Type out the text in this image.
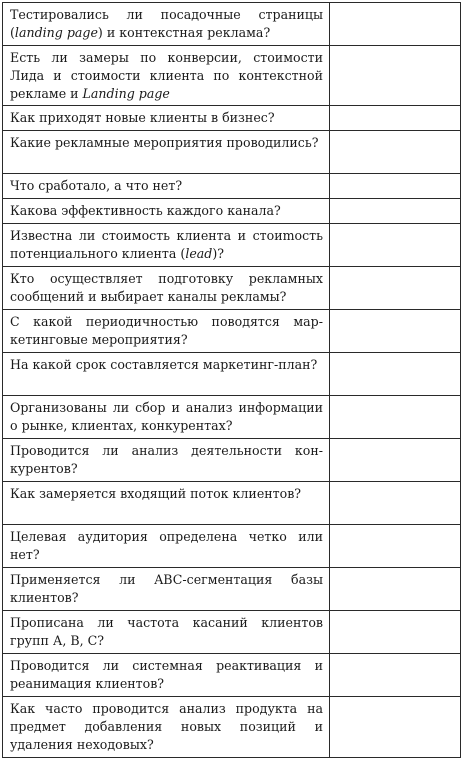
Тестировались ли посадочные страницы (landing page) и контекстная реклама?	
Есть ли замеры по конверсии, стоимости Лида и стоимости клиента по контекстной рекламе и Landing page	
Как приходят новые клиенты в бизнес?	
Какие рекламные мероприятия проводились?	
Что сработало, а что нет?	
Какова эффективность каждого канала?	
Известна ли стоимость клиента и стоиmость потенциального клиента (lead)?	
Кто осуществляет подготовку рекламных сообщений и выбирает каналы рекламы?	
С какой периодичностью поводятся маркетинговые мероприятия?	
На какой срок составляется маркетинг-план?	
Организованы ли сбор и анализ информации о рынке, клиентах, конкурентах?	
Проводится ли анализ деятельности конкурентов?	
Как замеряется входящий поток клиентов?	
Целевая аудитория определена четко или нет?	
Применяется ли ABC-сегментация базы клиентов?	
Прописана ли частота касаний клиентов групп А, В, С?	
Проводится ли системная реактивация и реанимация клиентов?	
Как часто проводится анализ продукта на предмет добавления новых позиций и удаления неходовых?	
